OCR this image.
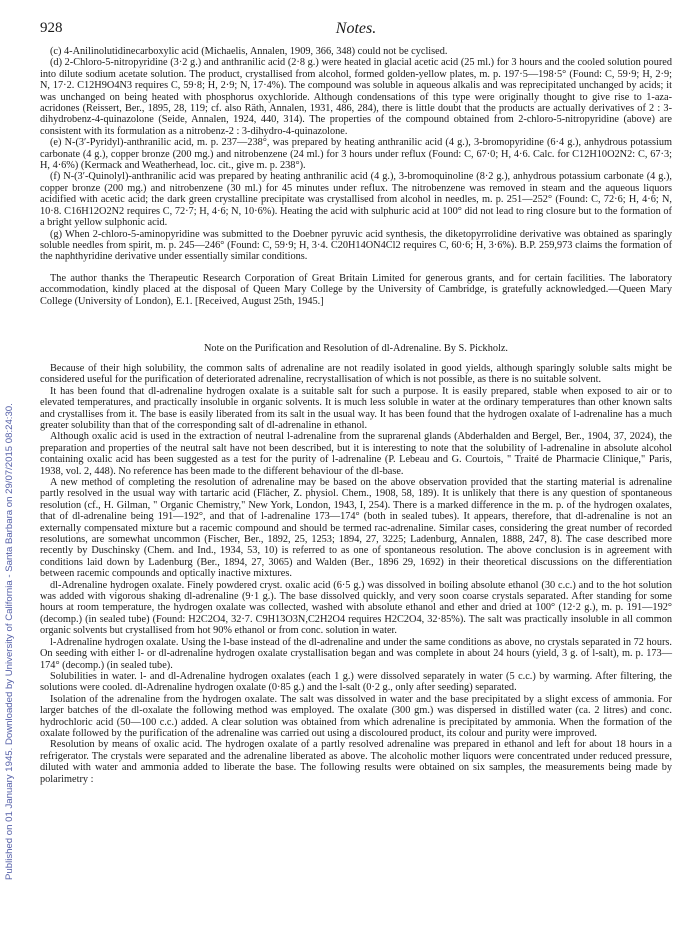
Published on 01 January 1945. Downloaded by University of California - Santa Barbara on 29/07/2015 08:24:30.
928	Notes.

(c) 4-Anilinolutidinecarboxylic acid (Michaelis, Annalen, 1909, 366, 348) could not be cyclised.

(d) 2-Chloro-5-nitropyridine (3·2 g.) and anthranilic acid (2·8 g.) were heated in glacial acetic acid (25 ml.) for 3 hours and the cooled solution poured into dilute sodium acetate solution. The product, crystallised from alcohol, formed golden-yellow plates, m. p. 197·5—198·5° (Found: C, 59·9; H, 2·9; N, 17·2. C12H9O4N3 requires C, 59·8; H, 2·9; N, 17·4%). The compound was soluble in aqueous alkalis and was reprecipitated unchanged by acids; it was unchanged on being heated with phosphorus oxychloride. Although condensations of this type were originally thought to give rise to 1-aza-acridones (Reissert, Ber., 1895, 28, 119; cf. also Räth, Annalen, 1931, 486, 284), there is little doubt that the products are actually derivatives of 2 : 3-dihydrobenz-4-quinazolone (Seide, Annalen, 1924, 440, 314). The properties of the compound obtained from 2-chloro-5-nitropyridine (above) are consistent with its formulation as a nitrobenz-2 : 3-dihydro-4-quinazolone.

(e) N-(3′-Pyridyl)-anthranilic acid, m. p. 237—238°, was prepared by heating anthranilic acid (4 g.), 3-bromopyridine (6·4 g.), anhydrous potassium carbonate (4 g.), copper bronze (200 mg.) and nitrobenzene (24 ml.) for 3 hours under reflux (Found: C, 67·0; H, 4·6. Calc. for C12H10O2N2: C, 67·3; H, 4·6%) (Kermack and Weatherhead, loc. cit., give m. p. 238°).

(f) N-(3′-Quinolyl)-anthranilic acid was prepared by heating anthranilic acid (4 g.), 3-bromoquinoline (8·2 g.), anhydrous potassium carbonate (4 g.), copper bronze (200 mg.) and nitrobenzene (30 ml.) for 45 minutes under reflux. The nitrobenzene was removed in steam and the aqueous liquors acidified with acetic acid; the dark green crystalline precipitate was crystallised from alcohol in needles, m. p. 251—252° (Found: C, 72·6; H, 4·6; N, 10·8. C16H12O2N2 requires C, 72·7; H, 4·6; N, 10·6%). Heating the acid with sulphuric acid at 100° did not lead to ring closure but to the formation of a bright yellow sulphonic acid.

(g) When 2-chloro-5-aminopyridine was submitted to the Doebner pyruvic acid synthesis, the diketopyrrolidine derivative was obtained as sparingly soluble needles from spirit, m. p. 245—246° (Found: C, 59·9; H, 3·4. C20H14ON4Cl2 requires C, 60·6; H, 3·6%). B.P. 259,973 claims the formation of the naphthyridine derivative under essentially similar conditions.

The author thanks the Therapeutic Research Corporation of Great Britain Limited for generous grants, and for certain facilities. The laboratory accommodation, kindly placed at the disposal of Queen Mary College by the University of Cambridge, is gratefully acknowledged.—Queen Mary College (University of London), E.1. [Received, August 25th, 1945.]

Note on the Purification and Resolution of dl-Adrenaline. By S. Pickholz.

Because of their high solubility, the common salts of adrenaline are not readily isolated in good yields, although sparingly soluble salts might be considered useful for the purification of deteriorated adrenaline, recrystallisation of which is not possible, as there is no suitable solvent.

It has been found that dl-adrenaline hydrogen oxalate is a suitable salt for such a purpose. It is easily prepared, stable when exposed to air or to elevated temperatures, and practically insoluble in organic solvents. It is much less soluble in water at the ordinary temperatures than other known salts and crystallises from it. The base is easily liberated from its salt in the usual way. It has been found that the hydrogen oxalate of l-adrenaline has a much greater solubility than that of the corresponding salt of dl-adrenaline in ethanol.

Although oxalic acid is used in the extraction of neutral l-adrenaline from the suprarenal glands (Abderhalden and Bergel, Ber., 1904, 37, 2024), the preparation and properties of the neutral salt have not been described, but it is interesting to note that the solubility of l-adrenaline in absolute alcohol containing oxalic acid has been suggested as a test for the purity of l-adrenaline (P. Lebeau and G. Courtois, " Traité de Pharmacie Clinique," Paris, 1938, vol. 2, 448). No reference has been made to the different behaviour of the dl-base.

A new method of completing the resolution of adrenaline may be based on the above observation provided that the starting material is adrenaline partly resolved in the usual way with tartaric acid (Flächer, Z. physiol. Chem., 1908, 58, 189). It is unlikely that there is any question of spontaneous resolution (cf., H. Gilman, " Organic Chemistry," New York, London, 1943, I, 254). There is a marked difference in the m. p. of the hydrogen oxalates, that of dl-adrenaline being 191—192°, and that of l-adrenaline 173—174° (both in sealed tubes). It appears, therefore, that dl-adrenaline is not an externally compensated mixture but a racemic compound and should be termed rac-adrenaline. Similar cases, considering the great number of recorded resolutions, are somewhat uncommon (Fischer, Ber., 1892, 25, 1253; 1894, 27, 3225; Ladenburg, Annalen, 1888, 247, 8). The case described more recently by Duschinsky (Chem. and Ind., 1934, 53, 10) is referred to as one of spontaneous resolution. The above conclusion is in agreement with conditions laid down by Ladenburg (Ber., 1894, 27, 3065) and Walden (Ber., 1896 29, 1692) in their theoretical discussions on the differentiation between racemic compounds and optically inactive mixtures.

dl-Adrenaline hydrogen oxalate. Finely powdered cryst. oxalic acid (6·5 g.) was dissolved in boiling absolute ethanol (30 c.c.) and to the hot solution was added with vigorous shaking dl-adrenaline (9·1 g.). The base dissolved quickly, and very soon coarse crystals separated. After standing for some hours at room temperature, the hydrogen oxalate was collected, washed with absolute ethanol and ether and dried at 100° (12·2 g.), m. p. 191—192° (decomp.) (in sealed tube) (Found: H2C2O4, 32·7. C9H13O3N,C2H2O4 requires H2C2O4, 32·85%). The salt was practically insoluble in all common organic solvents but crystallised from hot 90% ethanol or from conc. solution in water.

l-Adrenaline hydrogen oxalate. Using the l-base instead of the dl-adrenaline and under the same conditions as above, no crystals separated in 72 hours. On seeding with either l- or dl-adrenaline hydrogen oxalate crystallisation began and was complete in about 24 hours (yield, 3 g. of l-salt), m. p. 173—174° (decomp.) (in sealed tube).

Solubilities in water. l- and dl-Adrenaline hydrogen oxalates (each 1 g.) were dissolved separately in water (5 c.c.) by warming. After filtering, the solutions were cooled. dl-Adrenaline hydrogen oxalate (0·85 g.) and the l-salt (0·2 g., only after seeding) separated.

Isolation of the adrenaline from the hydrogen oxalate. The salt was dissolved in water and the base precipitated by a slight excess of ammonia. For larger batches of the dl-oxalate the following method was employed. The oxalate (300 gm.) was dispersed in distilled water (ca. 2 litres) and conc. hydrochloric acid (50—100 c.c.) added. A clear solution was obtained from which adrenaline is precipitated by ammonia. When the formation of the oxalate followed by the purification of the adrenaline was carried out using a discoloured product, its colour and purity were improved.

Resolution by means of oxalic acid. The hydrogen oxalate of a partly resolved adrenaline was prepared in ethanol and left for about 18 hours in a refrigerator. The crystals were separated and the adrenaline liberated as above. The alcoholic mother liquors were concentrated under reduced pressure, diluted with water and ammonia added to liberate the base. The following results were obtained on six samples, the measurements being made by polarimetry :
